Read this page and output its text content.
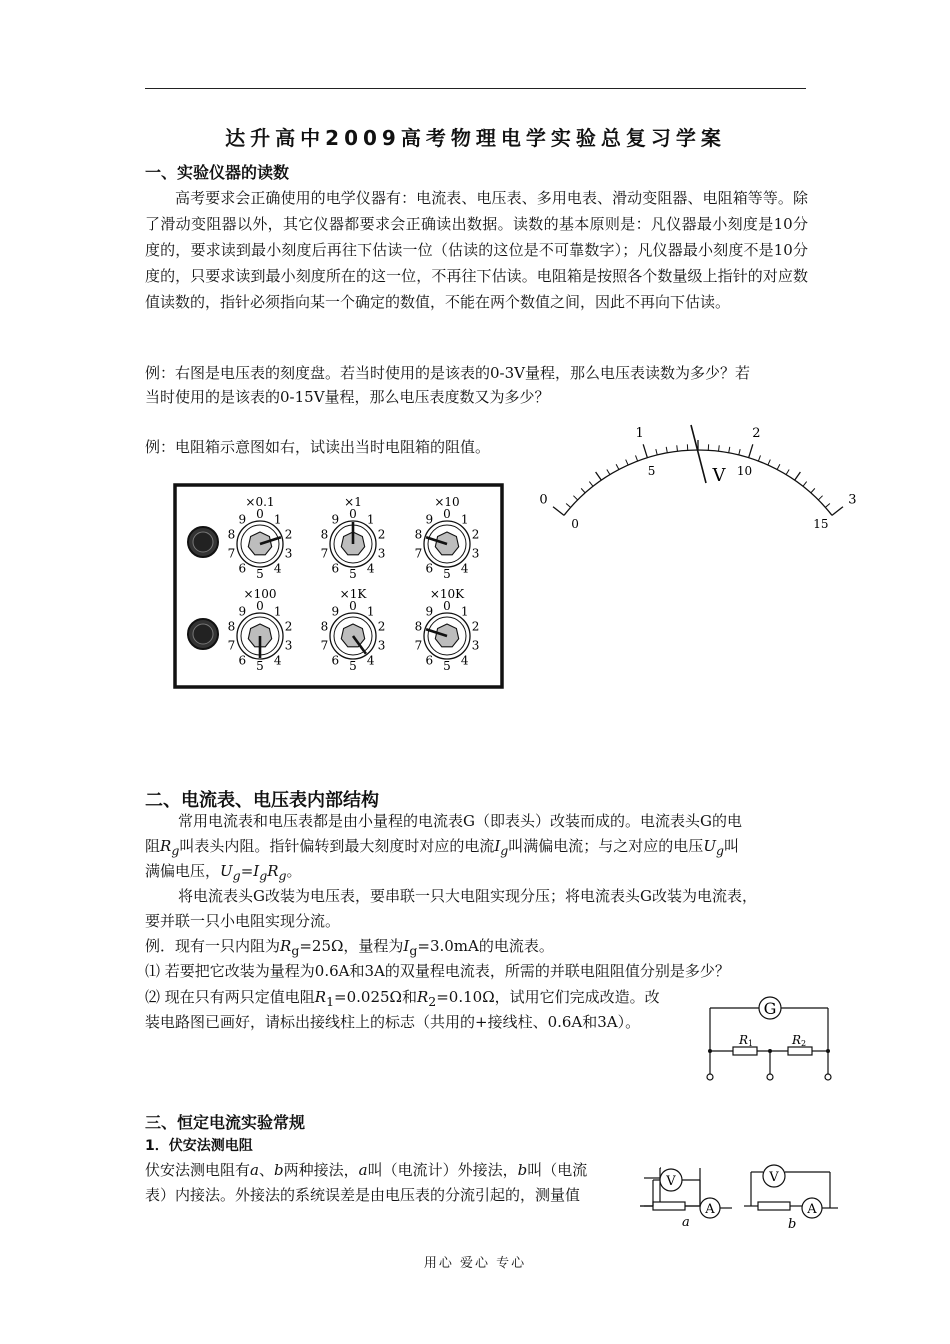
达升高中2009高考物理电学实验总复习学案
一、实验仪器的读数

高考要求会正确使用的电学仪器有：电流表、电压表、多用电表、滑动变阻器、电阻箱等等。除了滑动变阻器以外，其它仪器都要求会正确读出数据。读数的基本原则是：凡仪器最小刻度是10分度的，要求读到最小刻度后再往下估读一位（估读的这位是不可靠数字）；凡仪器最小刻度不是10分度的，只要求读到最小刻度所在的这一位，不再往下估读。电阻箱是按照各个数量级上指针的对应数值读数的，指针必须指向某一个确定的数值，不能在两个数值之间，因此不再向下估读。

例：右图是电压表的刻度盘。若当时使用的是该表的0-3V量程，那么电压表读数为多少？若
当时使用的是该表的0-15V量程，那么电压表度数又为多少？
例：电阻箱示意图如右，试读出当时电阻箱的阻值。
0
1	2
3
0
5	10
15
V
×0.1
0 1
2
3
4
5
6
7
8
9
×1
0 1
2
3
4
5
6
7
8
9
×10
0 1
2
3
4
5
6
7
8
9
×100
0 1
2
3
4
5
6
7
8
9
×1K
0 1
2
3
4
5
6
7
8
9
×10K
0 1
2
3
4
5
6
7
8
9
二、电流表、电压表内部结构
常用电流表和电压表都是由小量程的电流表G（即表头）改装而成的。电流表头G的电
阻$R_g$叫表头内阻。指针偏转到最大刻度时对应的电流$I_g$叫满偏电流；与之对应的电压$U_g$叫
满偏电压，$U_g=I_gR_g$。
将电流表头G改装为电压表，要串联一只大电阻实现分压；将电流表头G改装为电流表，
要并联一只小电阻实现分流。
例．现有一只内阻为$R_g=25\Omega$，量程为$I_g=3.0mA$的电流表。
⑴ 若要把它改装为量程为0.6A和3A的双量程电流表，所需的并联电阻阻值分别是多少？
⑵ 现在只有两只定值电阻$R_1=0.025\Omega$和$R_2=0.10\Omega$，试用它们完成改造。改
装电路图已画好，请标出接线柱上的标志（共用的+接线柱、0.6A和3A）。
G
R1	R2
三、恒定电流实验常规
1．伏安法测电阻
伏安法测电阻有a、b两种接法，a叫（电流计）外接法，b叫（电流
表）内接法。外接法的系统误差是由电压表的分流引起的，测量值
V
A
a
A
V
b
用心 爱心 专心
